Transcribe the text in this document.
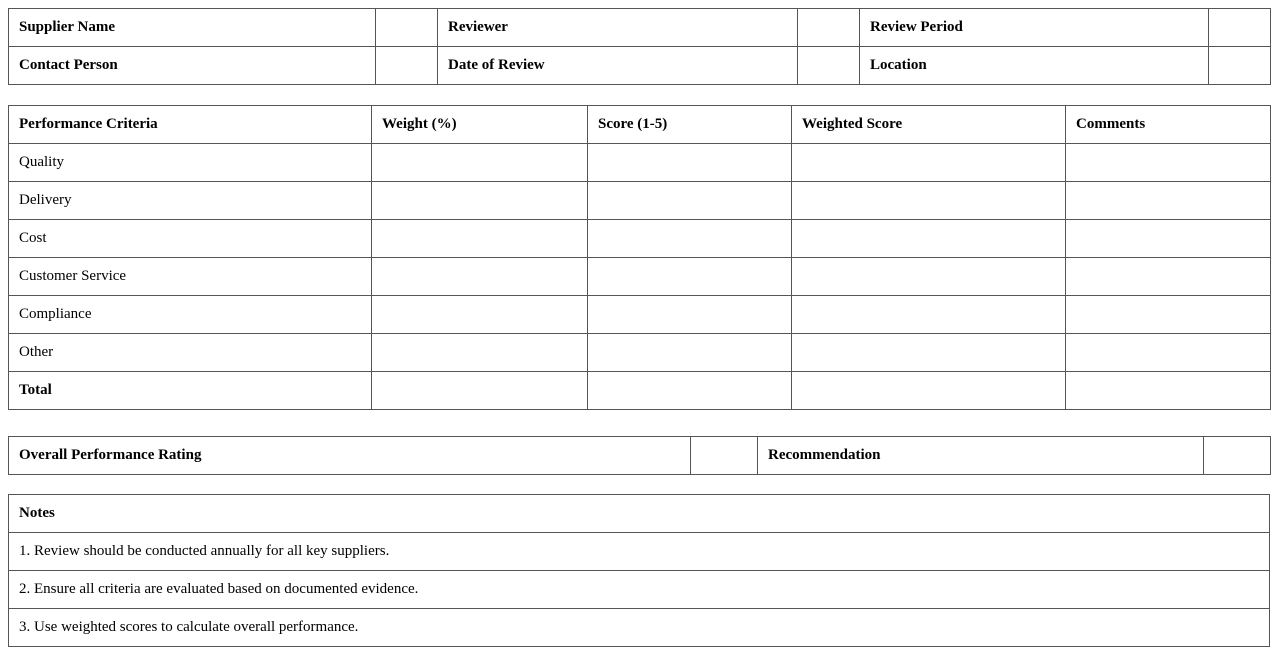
Supplier Name		Reviewer		Review Period	
Contact Person		Date of Review		Location	
Performance Criteria	Weight (%)	Score (1-5)	Weighted Score	Comments
Quality				
Delivery				
Cost				
Customer Service				
Compliance				
Other				
Total				
Overall Performance Rating		Recommendation	
Notes
1. Review should be conducted annually for all key suppliers.
2. Ensure all criteria are evaluated based on documented evidence.
3. Use weighted scores to calculate overall performance.
